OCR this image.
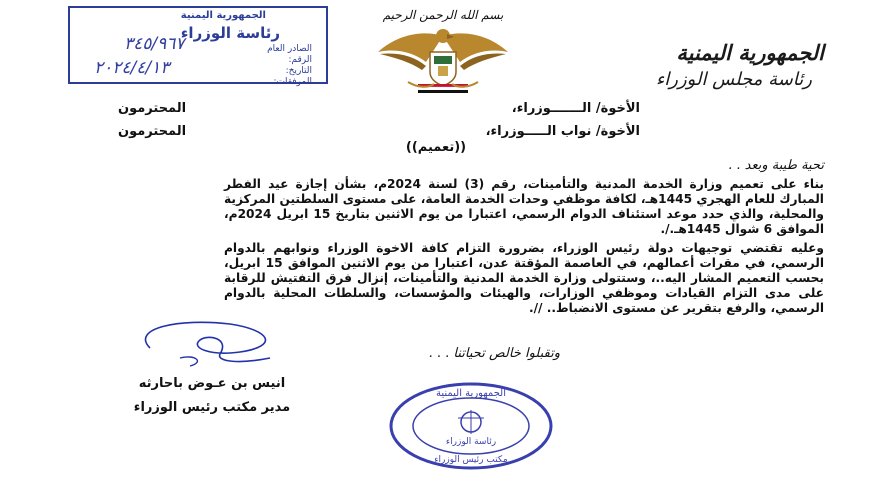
الجمهورية اليمنية
رئاسة مجلس الوزراء
بسم الله الرحمن الرحيم
الجمهورية اليمنية
رئاسة الوزراء
الصادر العام
الرقم:
التاريخ:
المرفقات:
٣٤٥/٩٦٧
٢٠٢٤/٤/١٣
الأخوة/ الـــــــوزراء،
المحترمون
الأخوة/ نواب الـــــوزراء،
المحترمون
((تعميم))

تحية طيبة وبعد . .

بناء على تعميم وزارة الخدمة المدنية والتأمينات، رقم (3) لسنة 2024م، بشأن إجازة عيد الفطر المبارك للعام الهجري 1445هـ، لكافة موظفي وحدات الخدمة العامة، على مستوى السلطتين المركزية والمحلية، والذي حدد موعد استئناف الدوام الرسمي، اعتبارا من يوم الاثنين بتاريخ 15 ابريل 2024م، الموافق 6 شوال 1445هـ./.

وعليه تقتضي توجيهات دولة رئيس الوزراء، بضرورة التزام كافة الاخوة الوزراء ونوابهم بالدوام الرسمي، في مقرات أعمالهم، في العاصمة المؤقتة عدن، اعتبارا من يوم الاثنين الموافق 15 ابريل، بحسب التعميم المشار اليه..، وستتولى وزارة الخدمة المدنية والتأمينات، إنزال فرق التفتيش للرقابة على مدى التزام القيادات وموظفي الوزارات، والهيئات والمؤسسات، والسلطات المحلية بالدوام الرسمي، والرفع بتقرير عن مستوى الانضباط.. //.

وتقبلوا خالص تحياتنا . . .
انيس بن عـوض باحارثه
مدير مكتب رئيس الوزراء
الجمهورية اليمنية
رئاسة الوزراء
مكتب رئيس الوزراء
